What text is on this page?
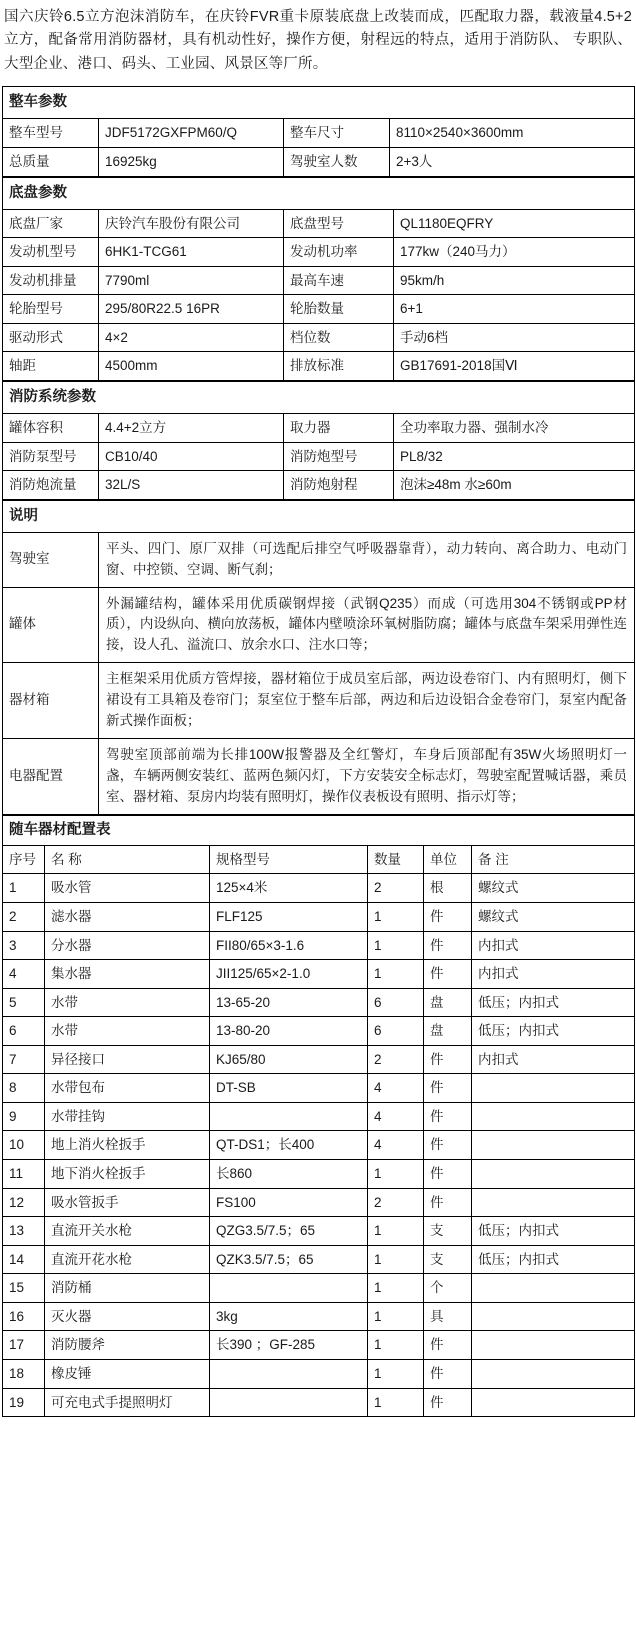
国六庆铃6.5立方泡沫消防车，在庆铃FVR重卡原装底盘上改装而成，匹配取力器，载液量4.5+2立方，配备常用消防器材，具有机动性好，操作方便，射程远的特点，适用于消防队、 专职队、大型企业、港口、码头、工业园、风景区等厂所。
整车参数			
整车型号	JDF5172GXFPM60/Q	整车尺寸	8110×2540×3600mm
总质量	16925kg	驾驶室人数	2+3人
底盘参数			
底盘厂家	庆铃汽车股份有限公司	底盘型号	QL1180EQFRY
发动机型号	6HK1-TCG61	发动机功率	177kw（240马力）
发动机排量	7790ml	最高车速	95km/h
轮胎型号	295/80R22.5 16PR	轮胎数量	6+1
驱动形式	4×2	档位数	手动6档
轴距	4500mm	排放标准	GB17691-2018国Ⅵ
消防系统参数			
罐体容积	4.4+2立方	取力器	全功率取力器、强制水冷
消防泵型号	CB10/40	消防炮型号	PL8/32
消防炮流量	32L/S	消防炮射程	泡沫≥48m 水≥60m
说明	
驾驶室	平头、四门、原厂双排（可选配后排空气呼吸器靠背），动力转向、离合助力、电动门窗、中控锁、空调、断气刹；
罐体	外漏罐结构，罐体采用优质碳钢焊接（武钢Q235）而成（可选用304不锈钢或PP材质），内设纵向、横向放荡板，罐体内壁喷涂环氧树脂防腐；罐体与底盘车架采用弹性连接，设人孔、溢流口、放余水口、注水口等；
器材箱	主框架采用优质方管焊接，器材箱位于成员室后部，两边设卷帘门、内有照明灯，侧下裙设有工具箱及卷帘门；泵室位于整车后部，两边和后边设铝合金卷帘门，泵室内配备新式操作面板；
电器配置	驾驶室顶部前端为长排100W报警器及全红警灯，车身后顶部配有35W火场照明灯一盏，车辆两侧安装红、蓝两色频闪灯，下方安装安全标志灯，驾驶室配置喊话器，乘员室、器材箱、泵房内均装有照明灯，操作仪表板设有照明、指示灯等；
随车器材配置表					
序号	名 称	规格型号	数量	单位	备 注
1	吸水管	125×4米	2	根	螺纹式
2	滤水器	FLF125	1	件	螺纹式
3	分水器	FII80/65×3-1.6	1	件	内扣式
4	集水器	JII125/65×2-1.0	1	件	内扣式
5	水带	13-65-20	6	盘	低压；内扣式
6	水带	13-80-20	6	盘	低压；内扣式
7	异径接口	KJ65/80	2	件	内扣式
8	水带包布	DT-SB	4	件	
9	水带挂钩		4	件	
10	地上消火栓扳手	QT-DS1；长400	4	件	
11	地下消火栓扳手	长860	1	件	
12	吸水管扳手	FS100	2	件	
13	直流开关水枪	QZG3.5/7.5；65	1	支	低压；内扣式
14	直流开花水枪	QZK3.5/7.5；65	1	支	低压；内扣式
15	消防桶		1	个	
16	灭火器	3kg	1	具	
17	消防腰斧	长390 ；GF-285	1	件	
18	橡皮锤		1	件	
19	可充电式手提照明灯		1	件	
